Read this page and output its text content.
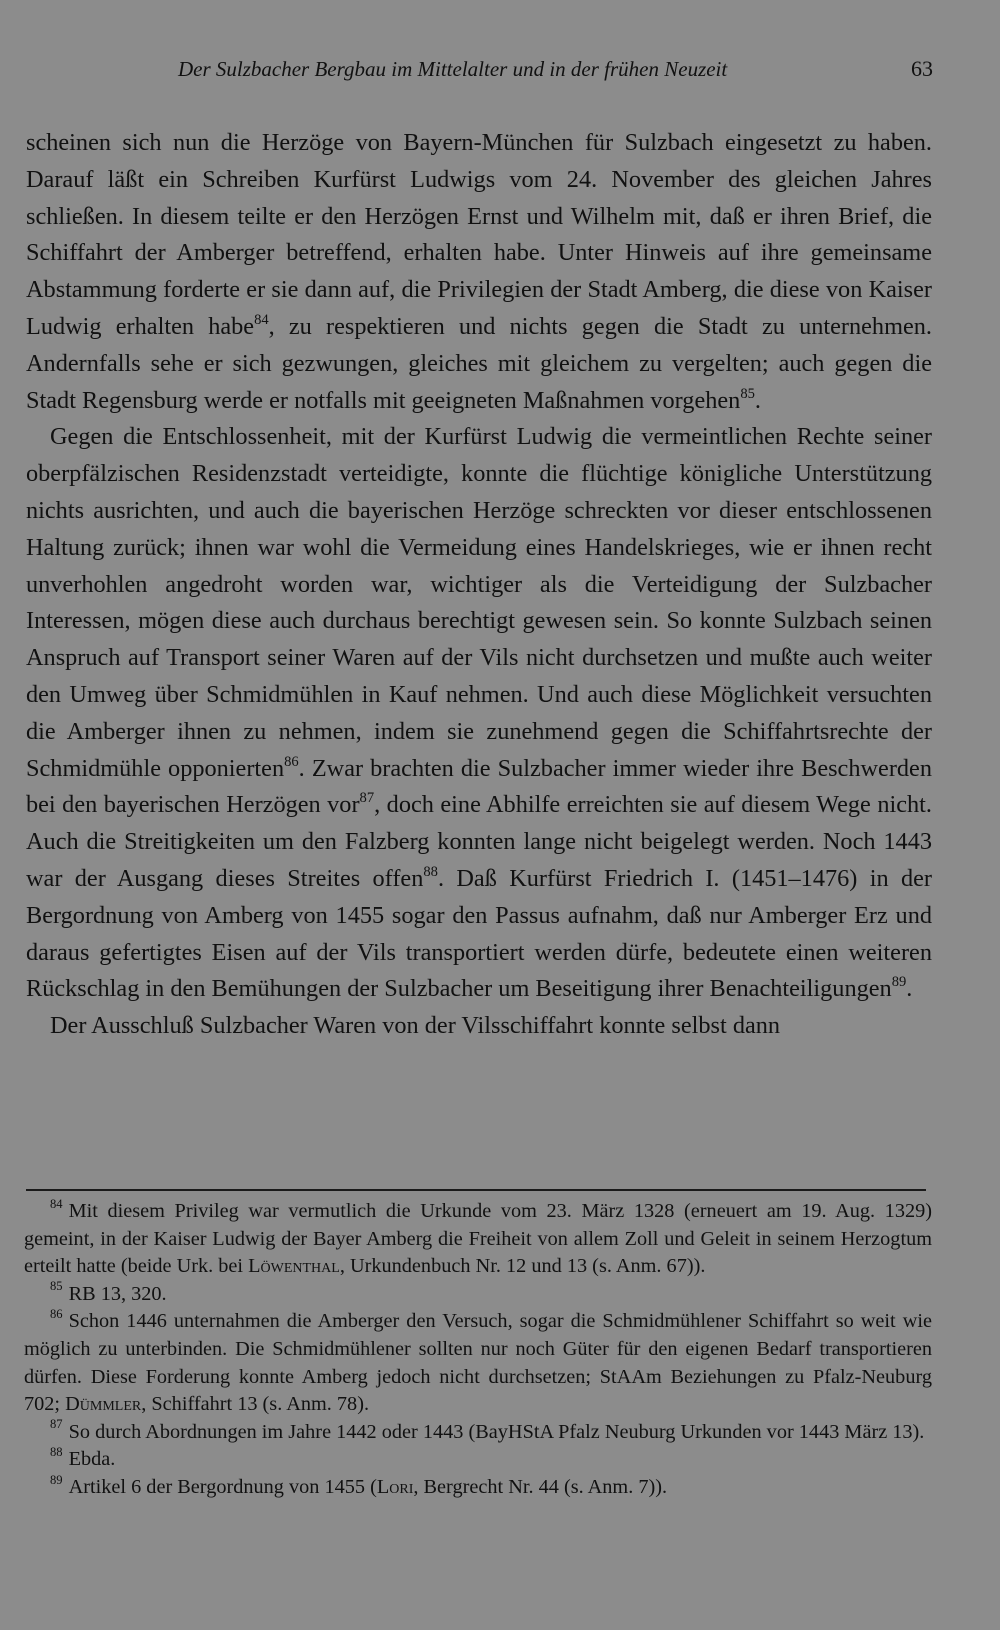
Der Sulzbacher Bergbau im Mittelalter und in der frühen Neuzeit	63

scheinen sich nun die Herzöge von Bayern-München für Sulzbach eingesetzt zu haben. Darauf läßt ein Schreiben Kurfürst Ludwigs vom 24. November des gleichen Jahres schließen. In diesem teilte er den Herzögen Ernst und Wilhelm mit, daß er ihren Brief, die Schiffahrt der Amberger betreffend, erhalten habe. Unter Hinweis auf ihre gemeinsame Abstammung forderte er sie dann auf, die Privilegien der Stadt Amberg, die diese von Kaiser Ludwig erhalten habe$^{84}$, zu respektieren und nichts gegen die Stadt zu unternehmen. Andernfalls sehe er sich gezwungen, gleiches mit gleichem zu vergelten; auch gegen die Stadt Regensburg werde er notfalls mit geeigneten Maßnahmen vorgehen$^{85}$.

Gegen die Entschlossenheit, mit der Kurfürst Ludwig die vermeintlichen Rechte seiner oberpfälzischen Residenzstadt verteidigte, konnte die flüchtige königliche Unterstützung nichts ausrichten, und auch die bayerischen Herzöge schreckten vor dieser entschlossenen Haltung zurück; ihnen war wohl die Vermeidung eines Handelskrieges, wie er ihnen recht unverhohlen angedroht worden war, wichtiger als die Verteidigung der Sulzbacher Interessen, mögen diese auch durchaus berechtigt gewesen sein. So konnte Sulzbach seinen Anspruch auf Transport seiner Waren auf der Vils nicht durchsetzen und mußte auch weiter den Umweg über Schmidmühlen in Kauf nehmen. Und auch diese Möglichkeit versuchten die Amberger ihnen zu nehmen, indem sie zunehmend gegen die Schiffahrtsrechte der Schmidmühle opponierten$^{86}$. Zwar brachten die Sulzbacher immer wieder ihre Beschwerden bei den bayerischen Herzögen vor$^{87}$, doch eine Abhilfe erreichten sie auf diesem Wege nicht. Auch die Streitigkeiten um den Falzberg konnten lange nicht beigelegt werden. Noch 1443 war der Ausgang dieses Streites offen$^{88}$. Daß Kurfürst Friedrich I. (1451–1476) in der Bergordnung von Amberg von 1455 sogar den Passus aufnahm, daß nur Amberger Erz und daraus gefertigtes Eisen auf der Vils transportiert werden dürfe, bedeutete einen weiteren Rückschlag in den Bemühungen der Sulzbacher um Beseitigung ihrer Benachteiligungen$^{89}$.

Der Ausschluß Sulzbacher Waren von der Vilsschiffahrt konnte selbst dann

$^{84}$ Mit diesem Privileg war vermutlich die Urkunde vom 23. März 1328 (erneuert am 19. Aug. 1329) gemeint, in der Kaiser Ludwig der Bayer Amberg die Freiheit von allem Zoll und Geleit in seinem Herzogtum erteilt hatte (beide Urk. bei Löwenthal, Urkundenbuch Nr. 12 und 13 (s. Anm. 67)).

$^{85}$ RB 13, 320.

$^{86}$ Schon 1446 unternahmen die Amberger den Versuch, sogar die Schmidmühlener Schiffahrt so weit wie möglich zu unterbinden. Die Schmidmühlener sollten nur noch Güter für den eigenen Bedarf transportieren dürfen. Diese Forderung konnte Amberg jedoch nicht durchsetzen; StAAm Beziehungen zu Pfalz-Neuburg 702; Dümmler, Schiffahrt 13 (s. Anm. 78).

$^{87}$ So durch Abordnungen im Jahre 1442 oder 1443 (BayHStA Pfalz Neuburg Urkunden vor 1443 März 13).

$^{88}$ Ebda.

$^{89}$ Artikel 6 der Bergordnung von 1455 (Lori, Bergrecht Nr. 44 (s. Anm. 7)).
